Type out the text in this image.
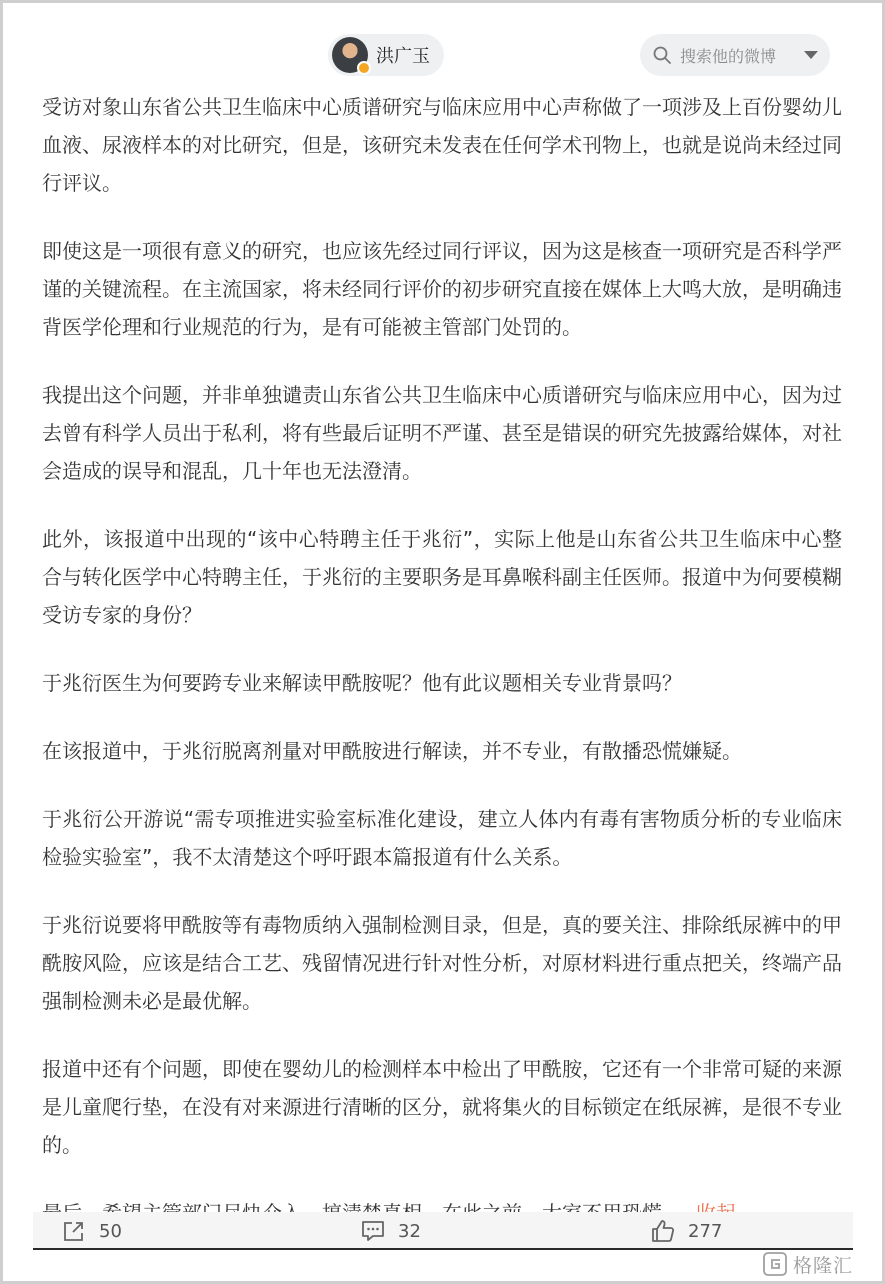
洪广玉	搜索他的微博

受访对象山东省公共卫生临床中心质谱研究与临床应用中心声称做了一项涉及上百份婴幼儿血液、尿液样本的对比研究，但是，该研究未发表在任何学术刊物上，也就是说尚未经过同行评议。

即使这是一项很有意义的研究，也应该先经过同行评议，因为这是核查一项研究是否科学严谨的关键流程。在主流国家，将未经同行评价的初步研究直接在媒体上大鸣大放，是明确违背医学伦理和行业规范的行为，是有可能被主管部门处罚的。

我提出这个问题，并非单独谴责山东省公共卫生临床中心质谱研究与临床应用中心，因为过去曾有科学人员出于私利，将有些最后证明不严谨、甚至是错误的研究先披露给媒体，对社会造成的误导和混乱，几十年也无法澄清。

此外，该报道中出现的“该中心特聘主任于兆衍”，实际上他是山东省公共卫生临床中心整合与转化医学中心特聘主任，于兆衍的主要职务是耳鼻喉科副主任医师。报道中为何要模糊受访专家的身份？

于兆衍医生为何要跨专业来解读甲酰胺呢？他有此议题相关专业背景吗？

在该报道中，于兆衍脱离剂量对甲酰胺进行解读，并不专业，有散播恐慌嫌疑。

于兆衍公开游说“需专项推进实验室标准化建设，建立人体内有毒有害物质分析的专业临床检验实验室”，我不太清楚这个呼吁跟本篇报道有什么关系。

于兆衍说要将甲酰胺等有毒物质纳入强制检测目录，但是，真的要关注、排除纸尿裤中的甲酰胺风险，应该是结合工艺、残留情况进行针对性分析，对原材料进行重点把关，终端产品强制检测未必是最优解。

报道中还有个问题，即使在婴幼儿的检测样本中检出了甲酰胺，它还有一个非常可疑的来源是儿童爬行垫，在没有对来源进行清晰的区分，就将集火的目标锁定在纸尿裤，是很不专业的。

50	32	277
格隆汇
